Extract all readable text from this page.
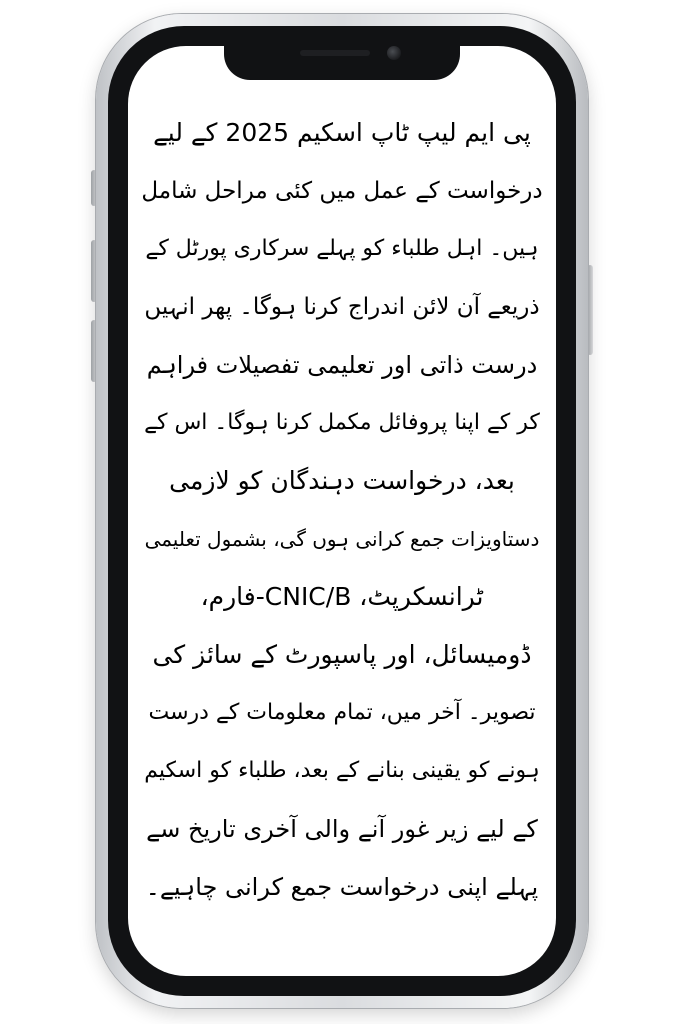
پی ایم لیپ ٹاپ اسکیم 2025 کے لیے
درخواست کے عمل میں کئی مراحل شامل
ہیں۔ اہل طلباء کو پہلے سرکاری پورٹل کے
ذریعے آن لائن اندراج کرنا ہوگا۔ پھر انہیں
درست ذاتی اور تعلیمی تفصیلات فراہم
کر کے اپنا پروفائل مکمل کرنا ہوگا۔ اس کے
بعد، درخواست دہندگان کو لازمی
دستاویزات جمع کرانی ہوں گی، بشمول تعلیمی
ٹرانسکرپٹ، CNIC/B-فارم،
ڈومیسائل، اور پاسپورٹ کے سائز کی
تصویر۔ آخر میں، تمام معلومات کے درست
ہونے کو یقینی بنانے کے بعد، طلباء کو اسکیم
کے لیے زیر غور آنے والی آخری تاریخ سے
پہلے اپنی درخواست جمع کرانی چاہیے۔
